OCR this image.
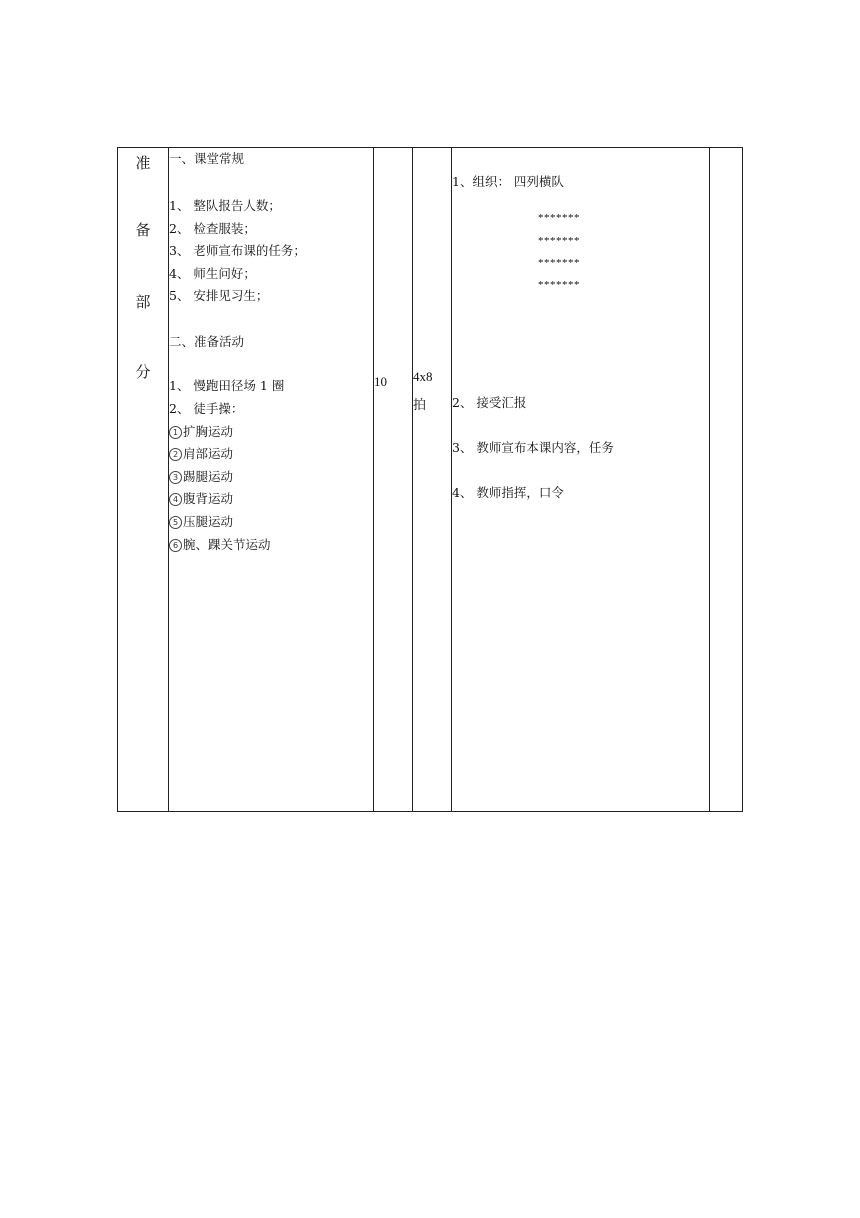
准
备
部
分
一、课堂常规
1、 整队报告人数；
2、 检查服装；
3、 老师宣布课的任务；
4、 师生问好；
5、 安排见习生；
二、准备活动
1、 慢跑田径场 1 圈
2、 徒手操：
1 扩胸运动
2 肩部运动
3 踢腿运动
4 腹背运动
5 压腿运动
6 腕、踝关节运动
10 4x8
拍
1、组织： 四列横队
*******
*******
*******
*******
2、 接受汇报
3、 教师宣布本课内容，任务
4、 教师指挥，口令
